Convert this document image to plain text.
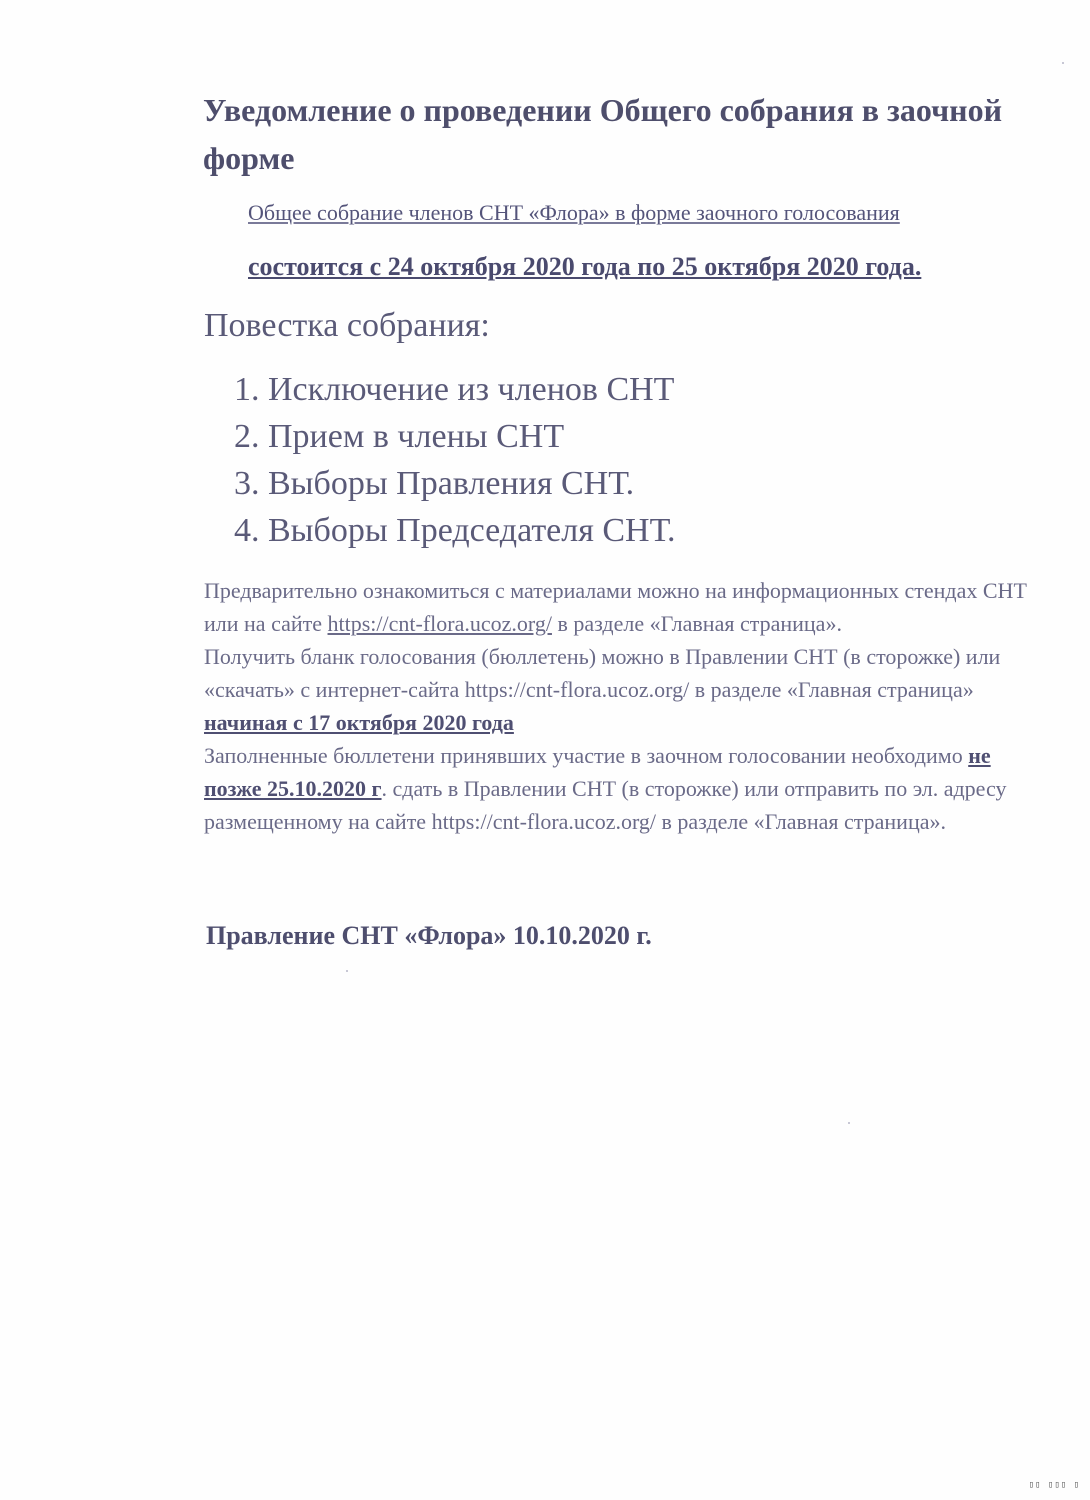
Уведомление о проведении Общего собрания в заочной форме
Общее собрание членов СНТ «Флора» в форме заочного голосования
состоится с 24 октября 2020 года по 25 октября 2020 года.
Повестка собрания:
1. Исключение из членов СНТ
2. Прием в члены СНТ
3. Выборы Правления СНТ.
4. Выборы Председателя СНТ.

Предварительно ознакомиться с материалами можно на информационных стендах СНТ или на сайте https://cnt-flora.ucoz.org/ в разделе «Главная страница».

Получить бланк голосования (бюллетень) можно в Правлении СНТ (в сторожке) или «скачать» с интернет-сайта https://cnt-flora.ucoz.org/ в разделе «Главная страница» начиная с 17 октября 2020 года

Заполненные бюллетени принявших участие в заочном голосовании необходимо не позже 25.10.2020 г. сдать в Правлении СНТ (в сторожке) или отправить по эл. адресу размещенному на сайте https://cnt-flora.ucoz.org/ в разделе «Главная страница».

Правление СНТ «Флора» 10.10.2020 г.
▯▯ ▯▯▯ ▯
